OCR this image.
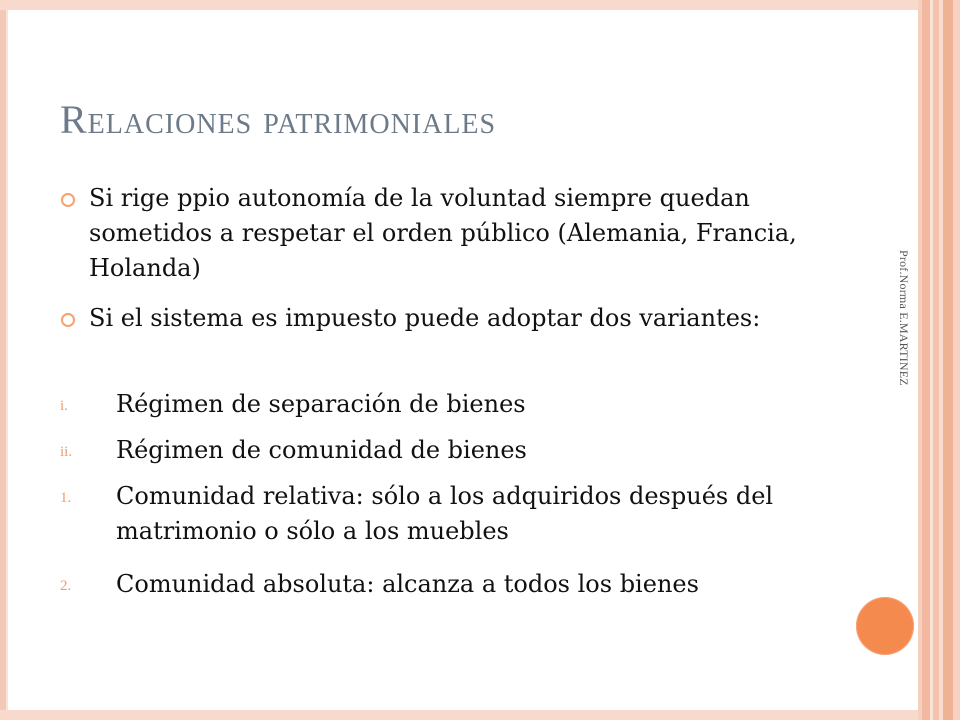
Prof.Norma E.MARTINEZ
Relaciones patrimoniales
Si rige ppio autonomía de la voluntad siempre quedan sometidos a respetar el orden público (Alemania, Francia, Holanda)
Si el sistema es impuesto puede adoptar dos variantes:
i. Régimen de separación de bienes
ii. Régimen de comunidad de bienes
1. Comunidad relativa: sólo a los adquiridos después del matrimonio o sólo a los muebles
2. Comunidad absoluta: alcanza a todos los bienes
